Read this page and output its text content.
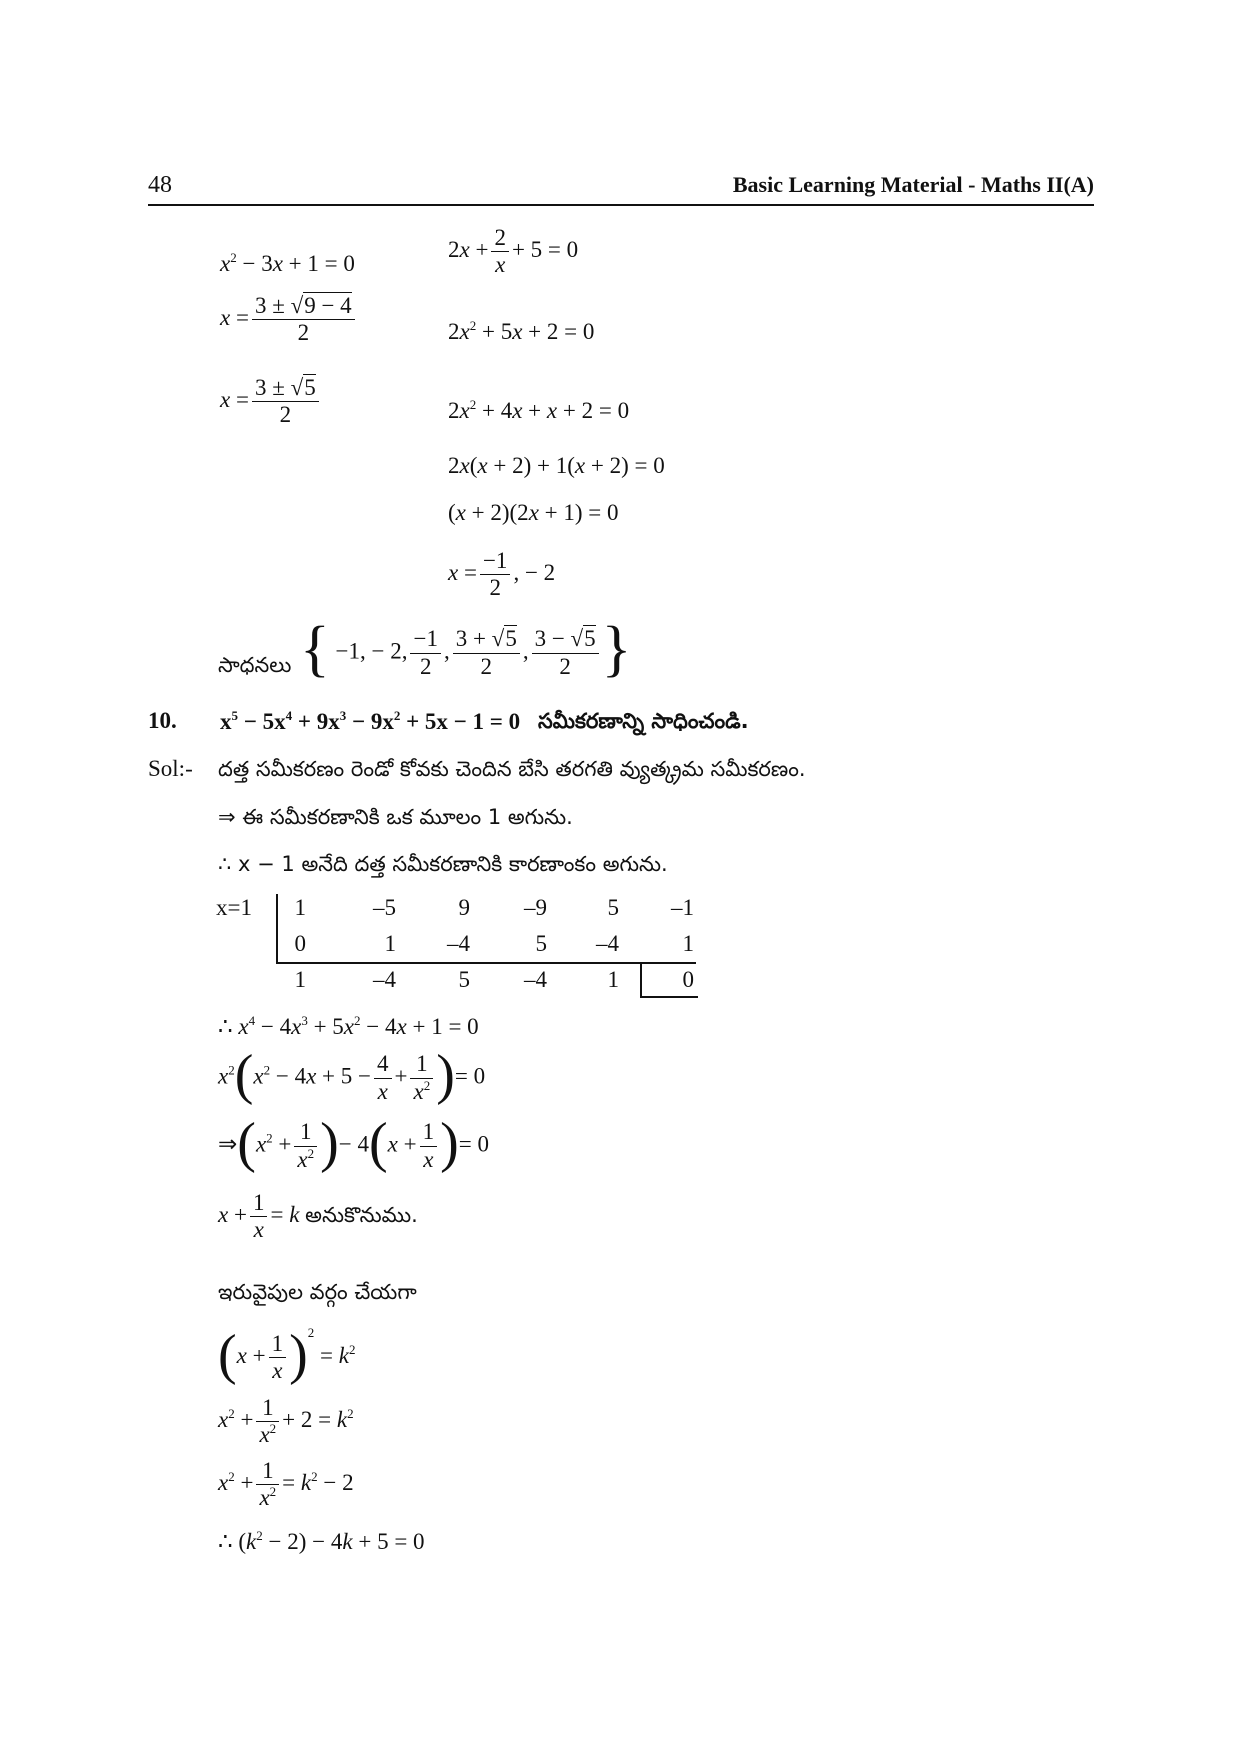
48	Basic Learning Material - Maths II(A)
$x^2 - 3x + 1 = 0$
$x = \frac{3 \pm √9 - 4}{2}$
$x = \frac{3 \pm √5}{2}$
$2x + \frac{2}{x} + 5 = 0$
$2x^2 + 5x + 2 = 0$
$2x^2 + 4x + x + 2 = 0$
2x(x + 2) + 1(x + 2) = 0
(x + 2)(2x + 1) = 0
$x = \frac{-1}{2}$ , − 2
సాధనలు { −1, − 2, $\frac{-1}{2}$ , $\frac{3 + √5}{2}$ , $\frac{3 - √5}{2}$ }
10. $x^5 - 5x^4 + 9x^3 - 9x^2 + 5x - 1 = 0$ సమీకరణాన్ని సాధించండి.
Sol:- దత్త సమీకరణం రెండో కోవకు చెందిన బేసి తరగతి వ్యుత్క్రమ సమీకరణం.
⇒ ఈ సమీకరణానికి ఒక మూలం 1 అగును.
∴ x − 1 అనేది దత్త సమీకరణానికి కారణాంకం అగును.
x=1 1	–5	9	–9	5	–1
0	1	–4	5	–4	1
1	–4	5	–4	1	0
∴ $x^4 - 4x^3 + 5x^2 - 4x + 1 = 0$
$x^2(x^2 - 4x + 5 - \frac{4}{x} + \frac{1}{x^2}$ )= 0
$\Rightarrow(x^2 + \frac{1}{x^2}$ )− $4(x + \frac{1}{x}$ )= 0
$x + \frac{1}{x} = k$ అనుకొనుము.
ఇరువైపుల వర్గం చేయగా
$(x + \frac{1}{x} )^2 = k^2$
$x^2 + \frac{1}{x^2} + 2 = k^2$
$x^2 + \frac{1}{x^2} = k^2 - 2$
∴ $(k^2 - 2) - 4k + 5 = 0$
